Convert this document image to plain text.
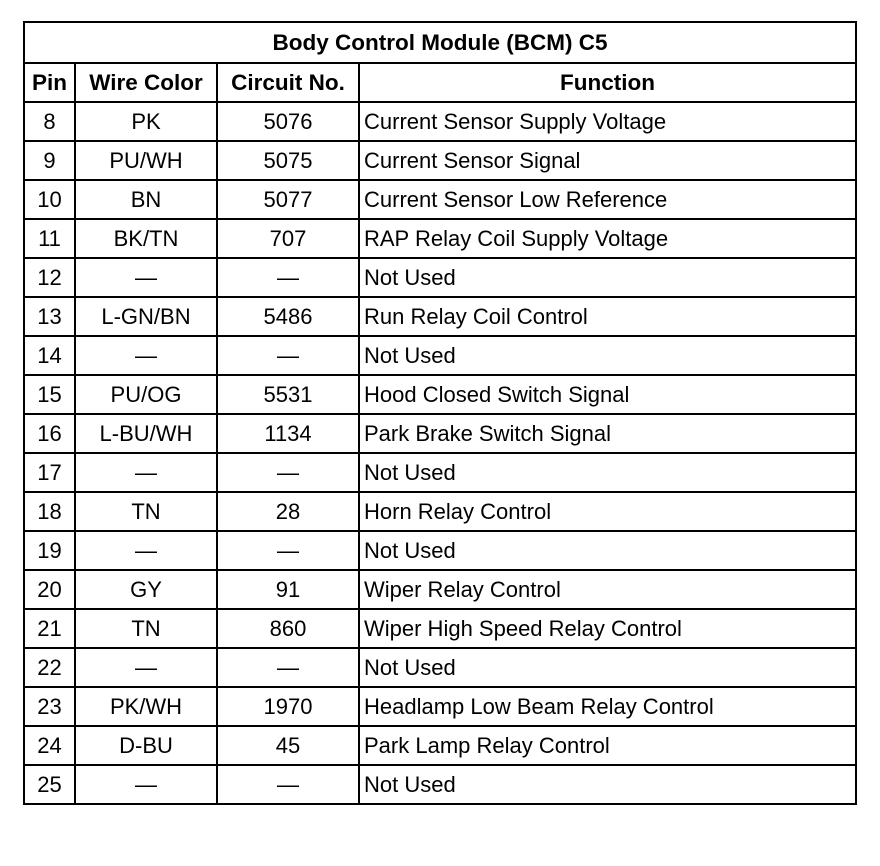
Body Control Module (BCM) C5			
Pin	Wire Color	Circuit No.	Function
8	PK	5076	Current Sensor Supply Voltage
9	PU/WH	5075	Current Sensor Signal
10	BN	5077	Current Sensor Low Reference
11	BK/TN	707	RAP Relay Coil Supply Voltage
12	—	—	Not Used
13	L-GN/BN	5486	Run Relay Coil Control
14	—	—	Not Used
15	PU/OG	5531	Hood Closed Switch Signal
16	L-BU/WH	1134	Park Brake Switch Signal
17	—	—	Not Used
18	TN	28	Horn Relay Control
19	—	—	Not Used
20	GY	91	Wiper Relay Control
21	TN	860	Wiper High Speed Relay Control
22	—	—	Not Used
23	PK/WH	1970	Headlamp Low Beam Relay Control
24	D-BU	45	Park Lamp Relay Control
25	—	—	Not Used
